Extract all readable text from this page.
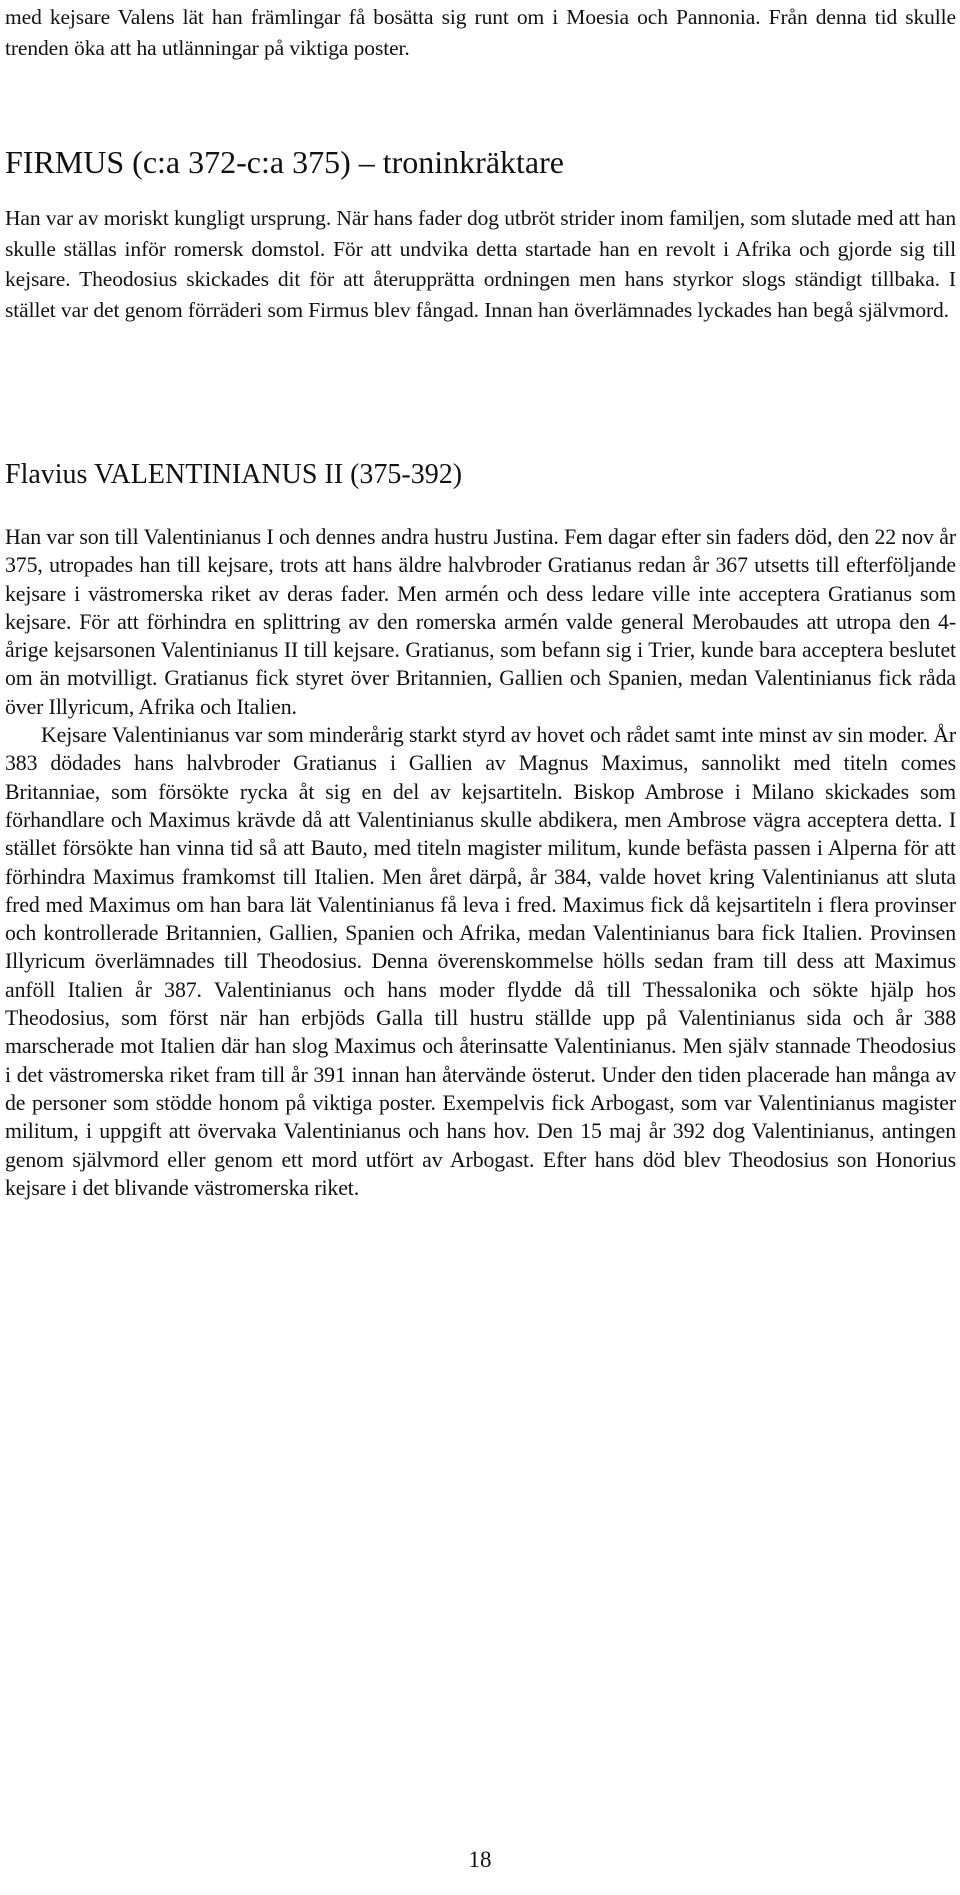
med kejsare Valens lät han främlingar få bosätta sig runt om i Moesia och Pannonia. Från denna tid skulle trenden öka att ha utlänningar på viktiga poster.

FIRMUS (c:a 372-c:a 375) – troninkräktare

Han var av moriskt kungligt ursprung. När hans fader dog utbröt strider inom familjen, som slutade med att han skulle ställas inför romersk domstol. För att undvika detta startade han en revolt i Afrika och gjorde sig till kejsare. Theodosius skickades dit för att återupprätta ordningen men hans styrkor slogs ständigt tillbaka. I stället var det genom förräderi som Firmus blev fångad. Innan han överlämnades lyckades han begå självmord.

Flavius VALENTINIANUS II (375-392)

Han var son till Valentinianus I och dennes andra hustru Justina. Fem dagar efter sin faders död, den 22 nov år 375, utropades han till kejsare, trots att hans äldre halvbroder Gratianus redan år 367 utsetts till efterföljande kejsare i västromerska riket av deras fader. Men armén och dess ledare ville inte acceptera Gratianus som kejsare. För att förhindra en splittring av den romerska armén valde general Merobaudes att utropa den 4-årige kejsarsonen Valentinianus II till kejsare. Gratianus, som befann sig i Trier, kunde bara acceptera beslutet om än motvilligt. Gratianus fick styret över Britannien, Gallien och Spanien, medan Valentinianus fick råda över Illyricum, Afrika och Italien.

Kejsare Valentinianus var som minderårig starkt styrd av hovet och rådet samt inte minst av sin moder. År 383 dödades hans halvbroder Gratianus i Gallien av Magnus Maximus, sannolikt med titeln comes Britanniae, som försökte rycka åt sig en del av kejsartiteln. Biskop Ambrose i Milano skickades som förhandlare och Maximus krävde då att Valentinianus skulle abdikera, men Ambrose vägra acceptera detta. I stället försökte han vinna tid så att Bauto, med titeln magister militum, kunde befästa passen i Alperna för att förhindra Maximus framkomst till Italien. Men året därpå, år 384, valde hovet kring Valentinianus att sluta fred med Maximus om han bara lät Valentinianus få leva i fred. Maximus fick då kejsartiteln i flera provinser och kontrollerade Britannien, Gallien, Spanien och Afrika, medan Valentinianus bara fick Italien. Provinsen Illyricum överlämnades till Theodosius. Denna överenskommelse hölls sedan fram till dess att Maximus anföll Italien år 387. Valentinianus och hans moder flydde då till Thessalonika och sökte hjälp hos Theodosius, som först när han erbjöds Galla till hustru ställde upp på Valentinianus sida och år 388 marscherade mot Italien där han slog Maximus och återinsatte Valentinianus. Men själv stannade Theodosius i det västromerska riket fram till år 391 innan han återvände österut. Under den tiden placerade han många av de personer som stödde honom på viktiga poster. Exempelvis fick Arbogast, som var Valentinianus magister militum, i uppgift att övervaka Valentinianus och hans hov. Den 15 maj år 392 dog Valentinianus, antingen genom självmord eller genom ett mord utfört av Arbogast. Efter hans död blev Theodosius son Honorius kejsare i det blivande västromerska riket.

18
